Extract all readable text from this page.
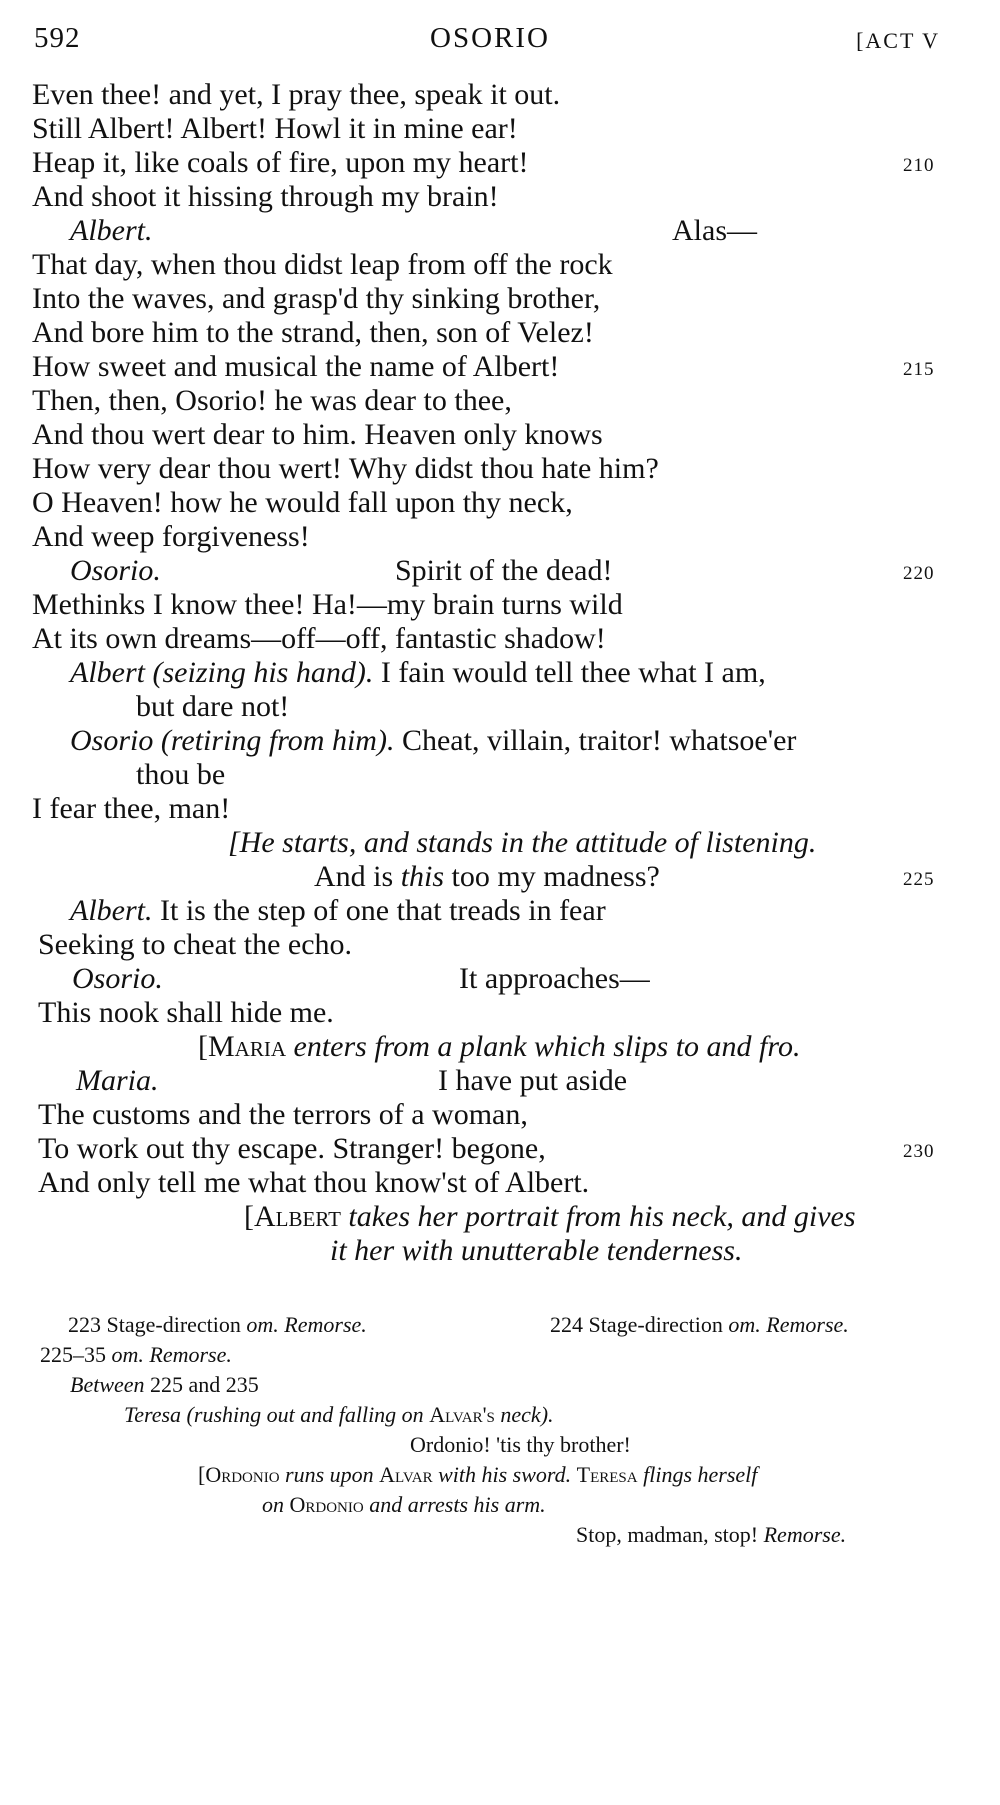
592	OSORIO	[ACT V
Even thee! and yet, I pray thee, speak it out.
Still Albert! Albert! Howl it in mine ear!
Heap it, like coals of fire, upon my heart!
And shoot it hissing through my brain!
Albert.	Alas—
That day, when thou didst leap from off the rock
Into the waves, and grasp'd thy sinking brother,
And bore him to the strand, then, son of Velez!
How sweet and musical the name of Albert!
Then, then, Osorio! he was dear to thee,
And thou wert dear to him. Heaven only knows
How very dear thou wert! Why didst thou hate him?
O Heaven! how he would fall upon thy neck,
And weep forgiveness!
Osorio.	Spirit of the dead!
Methinks I know thee! Ha!—my brain turns wild
At its own dreams—off—off, fantastic shadow!
Albert (seizing his hand). I fain would tell thee what I am,
but dare not!
Osorio (retiring from him). Cheat, villain, traitor! whatsoe'er
thou be
I fear thee, man!
[He starts, and stands in the attitude of listening.
And is this too my madness?
Albert. It is the step of one that treads in fear
Seeking to cheat the echo.
Osorio.	It approaches—
This nook shall hide me.
[Maria enters from a plank which slips to and fro.
Maria.	I have put aside
The customs and the terrors of a woman,
To work out thy escape. Stranger! begone,
And only tell me what thou know'st of Albert.
[Albert takes her portrait from his neck, and gives
it her with unutterable tenderness.
210
215
220
225
230
223 Stage-direction om. Remorse.	224 Stage-direction om. Remorse.
225–35 om. Remorse.
Between 225 and 235
Teresa (rushing out and falling on Alvar's neck).
Ordonio! 'tis thy brother!
[Ordonio runs upon Alvar with his sword. Teresa flings herself
on Ordonio and arrests his arm.
Stop, madman, stop! Remorse.
